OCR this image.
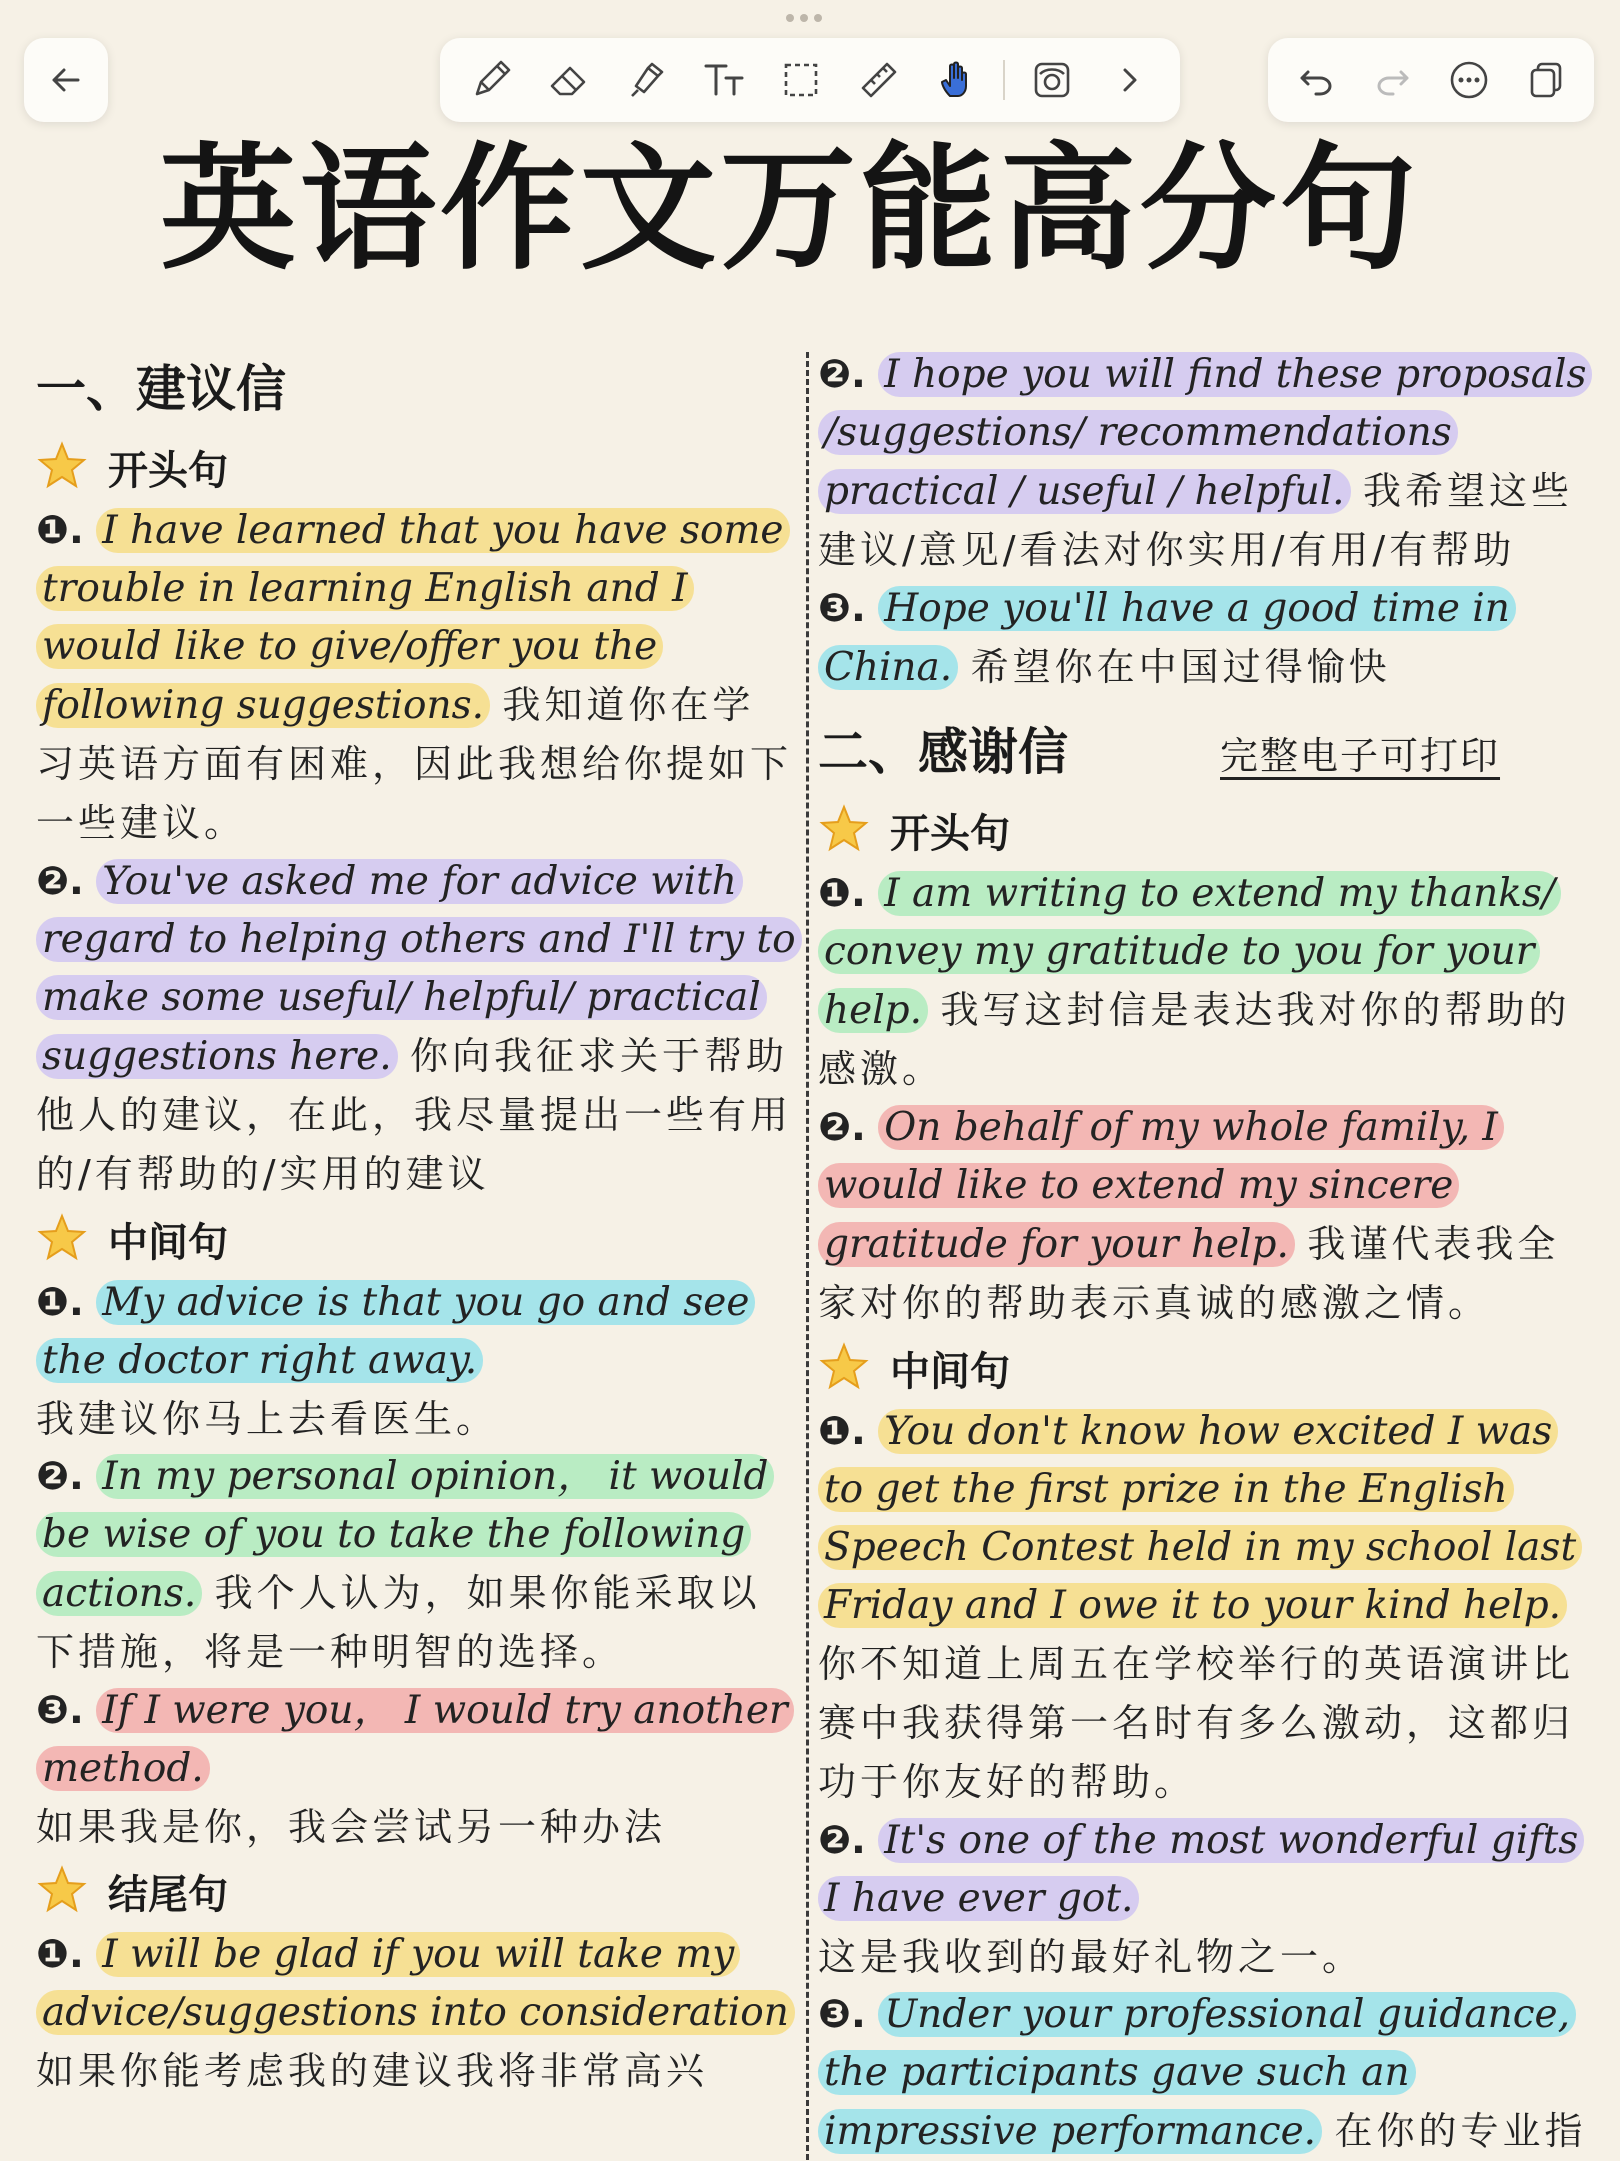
英语作文万能高分句
一、建议信
开头句
❶. I have learned that you have some trouble in learning English and I would like to give/offer you the following suggestions. 我知道你在学习英语方面有困难，因此我想给你提如下一些建议。
❷. You've asked me for advice with regard to helping others and I'll try to make some useful/ helpful/ practical suggestions here. 你向我征求关于帮助他人的建议，在此，我尽量提出一些有用的/有帮助的/实用的建议
中间句
❶. My advice is that you go and see the doctor right away.
我建议你马上去看医生。
❷. In my personal opinion， it would be wise of you to take the following actions. 我个人认为，如果你能采取以下措施，将是一种明智的选择。
❸. If I were you， I would try another method.
如果我是你，我会尝试另一种办法
结尾句
❶. I will be glad if you will take my advice/suggestions into consideration
如果你能考虑我的建议我将非常高兴
❷. I hope you will find these proposals /suggestions/ recommendations practical / useful / helpful. 我希望这些建议/意见/看法对你实用/有用/有帮助
❸. Hope you'll have a good time in China. 希望你在中国过得愉快
二、感谢信	完整电子可打印
开头句
❶. I am writing to extend my thanks/ convey my gratitude to you for your help. 我写这封信是表达我对你的帮助的感激。
❷. On behalf of my whole family, I would like to extend my sincere gratitude for your help. 我谨代表我全家对你的帮助表示真诚的感激之情。
中间句
❶. You don't know how excited I was to get the first prize in the English Speech Contest held in my school last Friday and I owe it to your kind help. 你不知道上周五在学校举行的英语演讲比赛中我获得第一名时有多么激动，这都归功于你友好的帮助。
❷. It's one of the most wonderful gifts I have ever got.
这是我收到的最好礼物之一。
❸. Under your professional guidance, the participants gave such an impressive performance. 在你的专业指
